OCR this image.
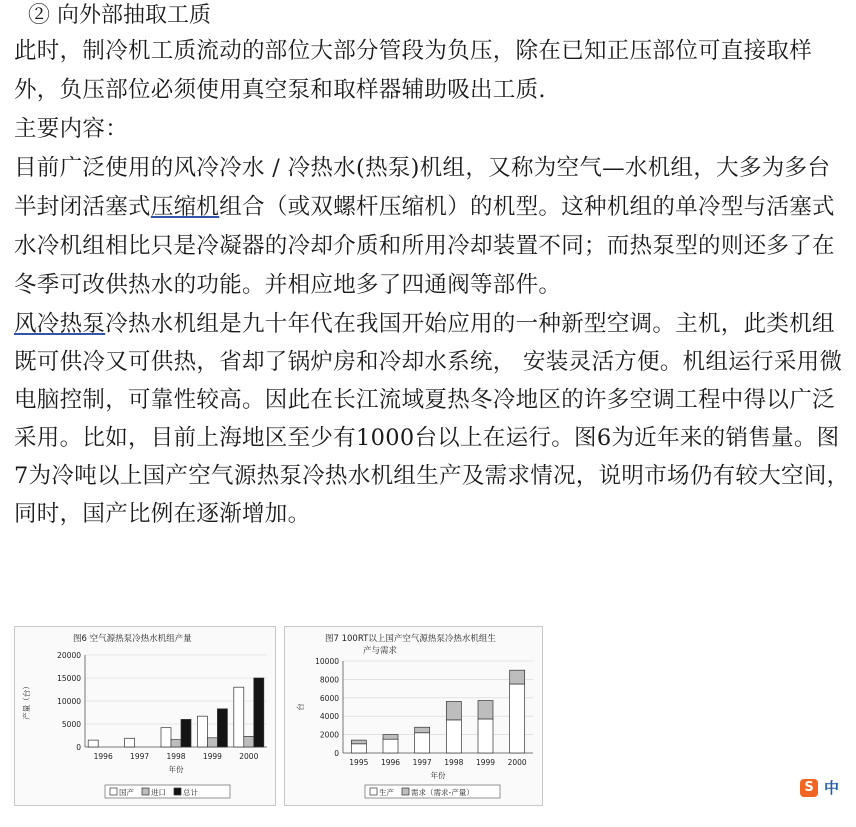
② 向外部抽取工质

此时，制冷机工质流动的部位大部分管段为负压，除在已知正压部位可直接取样外，负压部位必须使用真空泵和取样器辅助吸出工质.

主要内容：

目前广泛使用的风冷冷水 / 冷热水(热泵)机组，又称为空气—水机组，大多为多台半封闭活塞式压缩机组合（或双螺杆压缩机）的机型。这种机组的单冷型与活塞式水冷机组相比只是冷凝器的冷却介质和所用冷却装置不同；而热泵型的则还多了在冬季可改供热水的功能。并相应地多了四通阀等部件。

风冷热泵冷热水机组是九十年代在我国开始应用的一种新型空调。主机，此类机组既可供冷又可供热，省却了锅炉房和冷却水系统， 安装灵活方便。机组运行采用微电脑控制，可靠性较高。因此在长江流域夏热冬冷地区的许多空调工程中得以广泛采用。比如，目前上海地区至少有1000台以上在运行。图6为近年来的销售量。图7为冷吨以上国产空气源热泵冷热水机组生产及需求情况，说明市场仍有较大空间，同时，国产比例在逐渐增加。

图6 空气源热泵冷热水机组产量
0
5000
10000
15000
20000
产量（台）
1996 1997 1998 1999 2000
年份
国产 进口 总计
图7 100RT以上国产空气源热泵冷热水机组生
产与需求
0
2000
4000
6000
8000
10000
台
1995 1996 1997 1998 1999 2000
年份
生产 需求（需求-产量）	S 中
